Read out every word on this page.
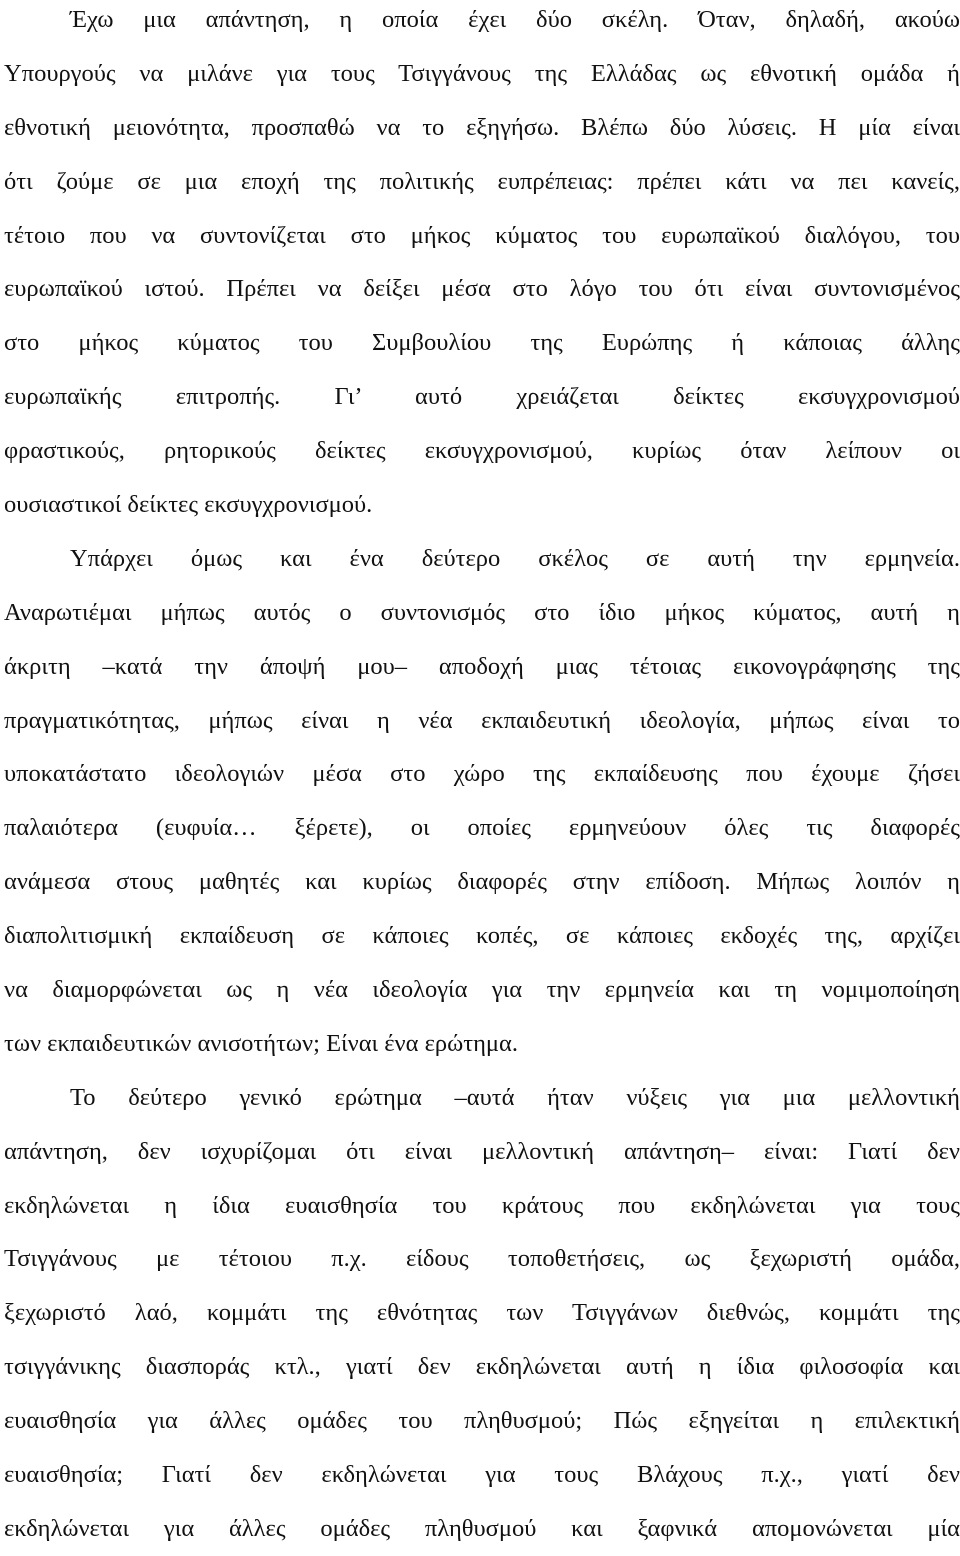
Έχω μια απάντηση, η οποία έχει δύο σκέλη. Όταν, δηλαδή, ακούω
Υπουργούς να μιλάνε για τους Τσιγγάνους της Ελλάδας ως εθνοτική ομάδα ή
εθνοτική μειονότητα, προσπαθώ να το εξηγήσω. Βλέπω δύο λύσεις. Η μία είναι
ότι ζούμε σε μια εποχή της πολιτικής ευπρέπειας: πρέπει κάτι να πει κανείς,
τέτοιο που να συντονίζεται στο μήκος κύματος του ευρωπαϊκού διαλόγου, του
ευρωπαϊκού ιστού. Πρέπει να δείξει μέσα στο λόγο του ότι είναι συντονισμένος
στο μήκος κύματος του Συμβουλίου της Ευρώπης ή κάποιας άλλης
ευρωπαϊκής επιτροπής. Γι’ αυτό χρειάζεται δείκτες εκσυγχρονισμού
φραστικούς, ρητορικούς δείκτες εκσυγχρονισμού, κυρίως όταν λείπουν οι
ουσιαστικοί δείκτες εκσυγχρονισμού.
Υπάρχει όμως και ένα δεύτερο σκέλος σε αυτή την ερμηνεία.
Αναρωτιέμαι μήπως αυτός ο συντονισμός στο ίδιο μήκος κύματος, αυτή η
άκριτη –κατά την άποψή μου– αποδοχή μιας τέτοιας εικονογράφησης της
πραγματικότητας, μήπως είναι η νέα εκπαιδευτική ιδεολογία, μήπως είναι το
υποκατάστατο ιδεολογιών μέσα στο χώρο της εκπαίδευσης που έχουμε ζήσει
παλαιότερα (ευφυία… ξέρετε), οι οποίες ερμηνεύουν όλες τις διαφορές
ανάμεσα στους μαθητές και κυρίως διαφορές στην επίδοση. Μήπως λοιπόν η
διαπολιτισμική εκπαίδευση σε κάποιες κοπές, σε κάποιες εκδοχές της, αρχίζει
να διαμορφώνεται ως η νέα ιδεολογία για την ερμηνεία και τη νομιμοποίηση
των εκπαιδευτικών ανισοτήτων; Είναι ένα ερώτημα.
Το δεύτερο γενικό ερώτημα –αυτά ήταν νύξεις για μια μελλοντική
απάντηση, δεν ισχυρίζομαι ότι είναι μελλοντική απάντηση– είναι: Γιατί δεν
εκδηλώνεται η ίδια ευαισθησία του κράτους που εκδηλώνεται για τους
Τσιγγάνους με τέτοιου π.χ. είδους τοποθετήσεις, ως ξεχωριστή ομάδα,
ξεχωριστό λαό, κομμάτι της εθνότητας των Τσιγγάνων διεθνώς, κομμάτι της
τσιγγάνικης διασποράς κτλ., γιατί δεν εκδηλώνεται αυτή η ίδια φιλοσοφία και
ευαισθησία για άλλες ομάδες του πληθυσμού; Πώς εξηγείται η επιλεκτική
ευαισθησία; Γιατί δεν εκδηλώνεται για τους Βλάχους π.χ., γιατί δεν
εκδηλώνεται για άλλες ομάδες πληθυσμού και ξαφνικά απομονώνεται μία
